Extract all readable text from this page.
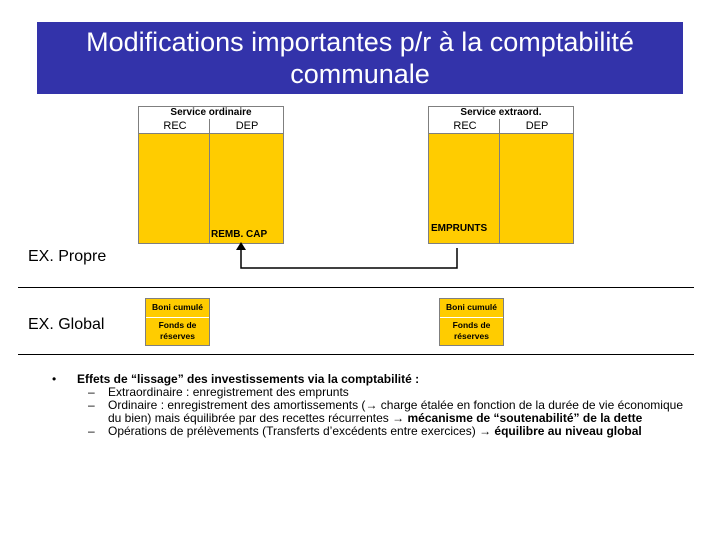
Modifications importantes p/r à la comptabilité communale
Service ordinaire
REC	DEP
REMB. CAP
Service extraord.
REC	DEP
EMPRUNTS
EX. Propre
EX. Global
Boni cumulé
Fonds de réserves
Boni cumulé
Fonds de réserves
• Effets de “lissage” des investissements via la comptabilité :
– Extraordinaire : enregistrement des emprunts
– Ordinaire : enregistrement des amortissements (→ charge étalée en fonction de la durée de vie économique du bien) mais équilibrée par des recettes récurrentes → mécanisme de “soutenabilité” de la dette
– Opérations de prélèvements (Transferts d’excédents entre exercices) → équilibre au niveau global
